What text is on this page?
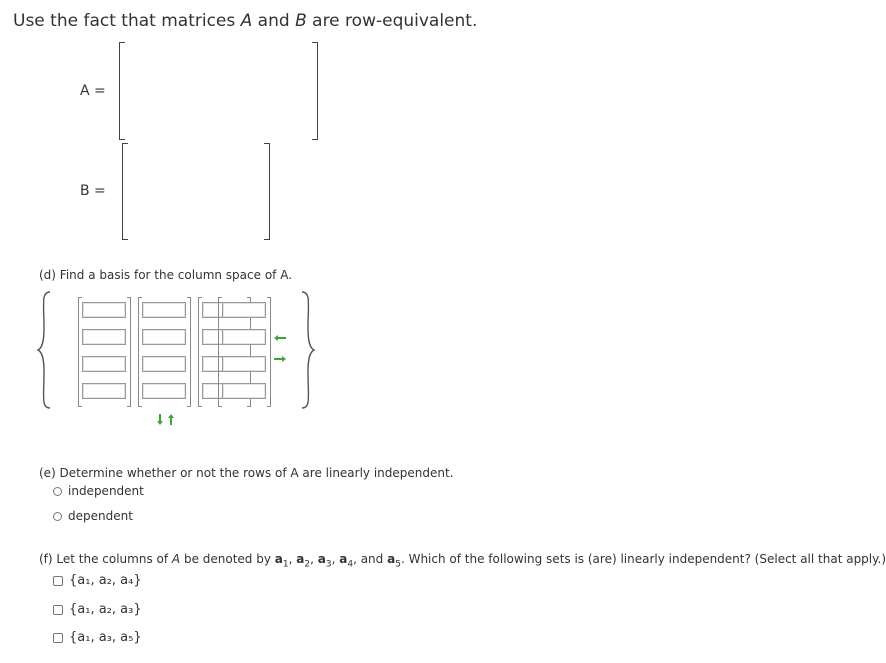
Use the fact that matrices A and B are row-equivalent.
A =
B =
(d) Find a basis for the column space of A.
(e) Determine whether or not the rows of A are linearly independent.
independent
dependent
(f) Let the columns of A be denoted by $a_1$, $a_2$, $a_3$, $a_4$, and $a_5$. Which of the following sets is (are) linearly independent? (Select all that apply.)
{a₁, a₂, a₄}
{a₁, a₂, a₃}
{a₁, a₃, a₅}
